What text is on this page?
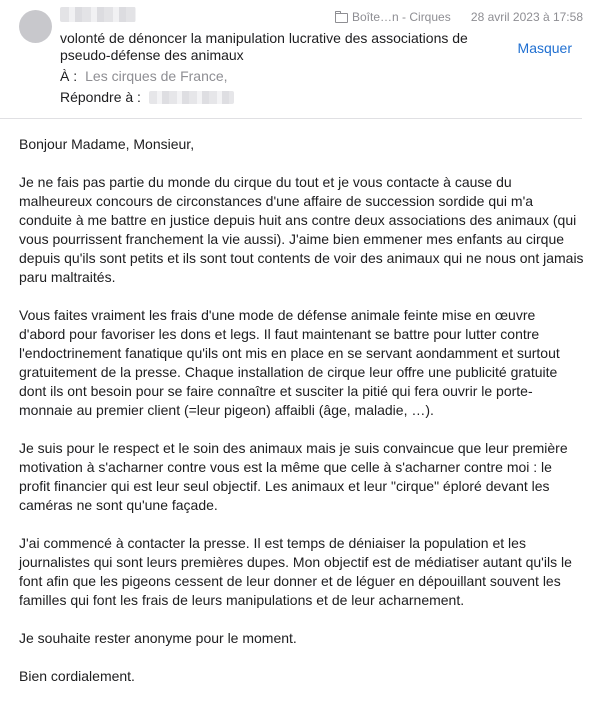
Boîte…n - Cirques 28 avril 2023 à 17:58
volonté de dénoncer la manipulation lucrative des associations de pseudo-défense des animaux	Masquer
À : Les cirques de France,
Répondre à :

Bonjour Madame, Monsieur,

Je ne fais pas partie du monde du cirque du tout et je vous contacte à cause du malheureux concours de circonstances d'une affaire de succession sordide qui m'a conduite à me battre en justice depuis huit ans contre deux associations des animaux (qui vous pourrissent franchement la vie aussi). J'aime bien emmener mes enfants au cirque depuis qu'ils sont petits et ils sont tout contents de voir des animaux qui ne nous ont jamais paru maltraités.

Vous faites vraiment les frais d'une mode de défense animale feinte mise en œuvre d'abord pour favoriser les dons et legs. Il faut maintenant se battre pour lutter contre l'endoctrinement fanatique qu'ils ont mis en place en se servant aondamment et surtout gratuitement de la presse. Chaque installation de cirque leur offre une publicité gratuite dont ils ont besoin pour se faire connaître et susciter la pitié qui fera ouvrir le porte-monnaie au premier client (=leur pigeon) affaibli (âge, maladie, …).

Je suis pour le respect et le soin des animaux mais je suis convaincue que leur première motivation à s'acharner contre vous est la même que celle à s'acharner contre moi : le profit financier qui est leur seul objectif. Les animaux et leur "cirque" éploré devant les caméras ne sont qu'une façade.

J'ai commencé à contacter la presse. Il est temps de déniaiser la population et les journalistes qui sont leurs premières dupes. Mon objectif est de médiatiser autant qu'ils le font afin que les pigeons cessent de leur donner et de léguer en dépouillant souvent les familles qui font les frais de leurs manipulations et de leur acharnement.

Je souhaite rester anonyme pour le moment.

Bien cordialement.
